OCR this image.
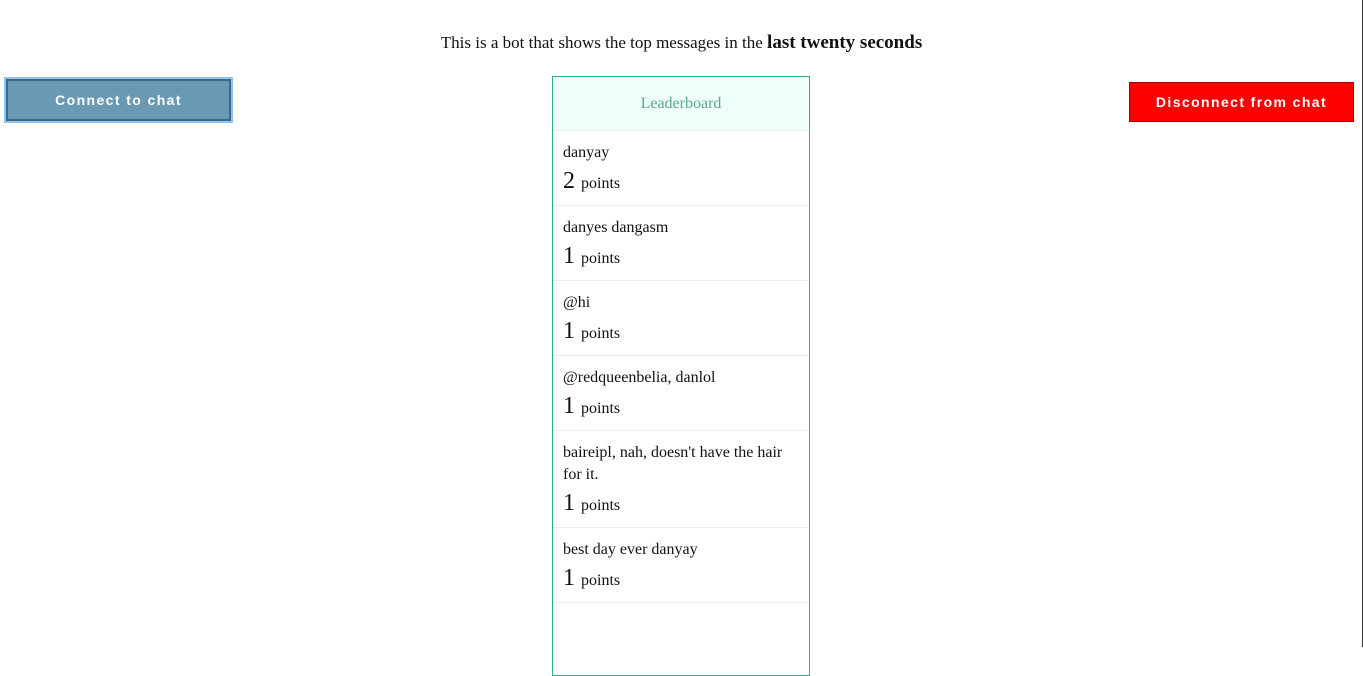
This is a bot that shows the top messages in the last twenty seconds
Connect to chat	Disconnect from chat
Leaderboard
danyay
2 points
danyes dangasm
1 points
@hi
1 points
@redqueenbelia, danlol
1 points
baireipl, nah, doesn't have the hair for it.
1 points
best day ever danyay
1 points
